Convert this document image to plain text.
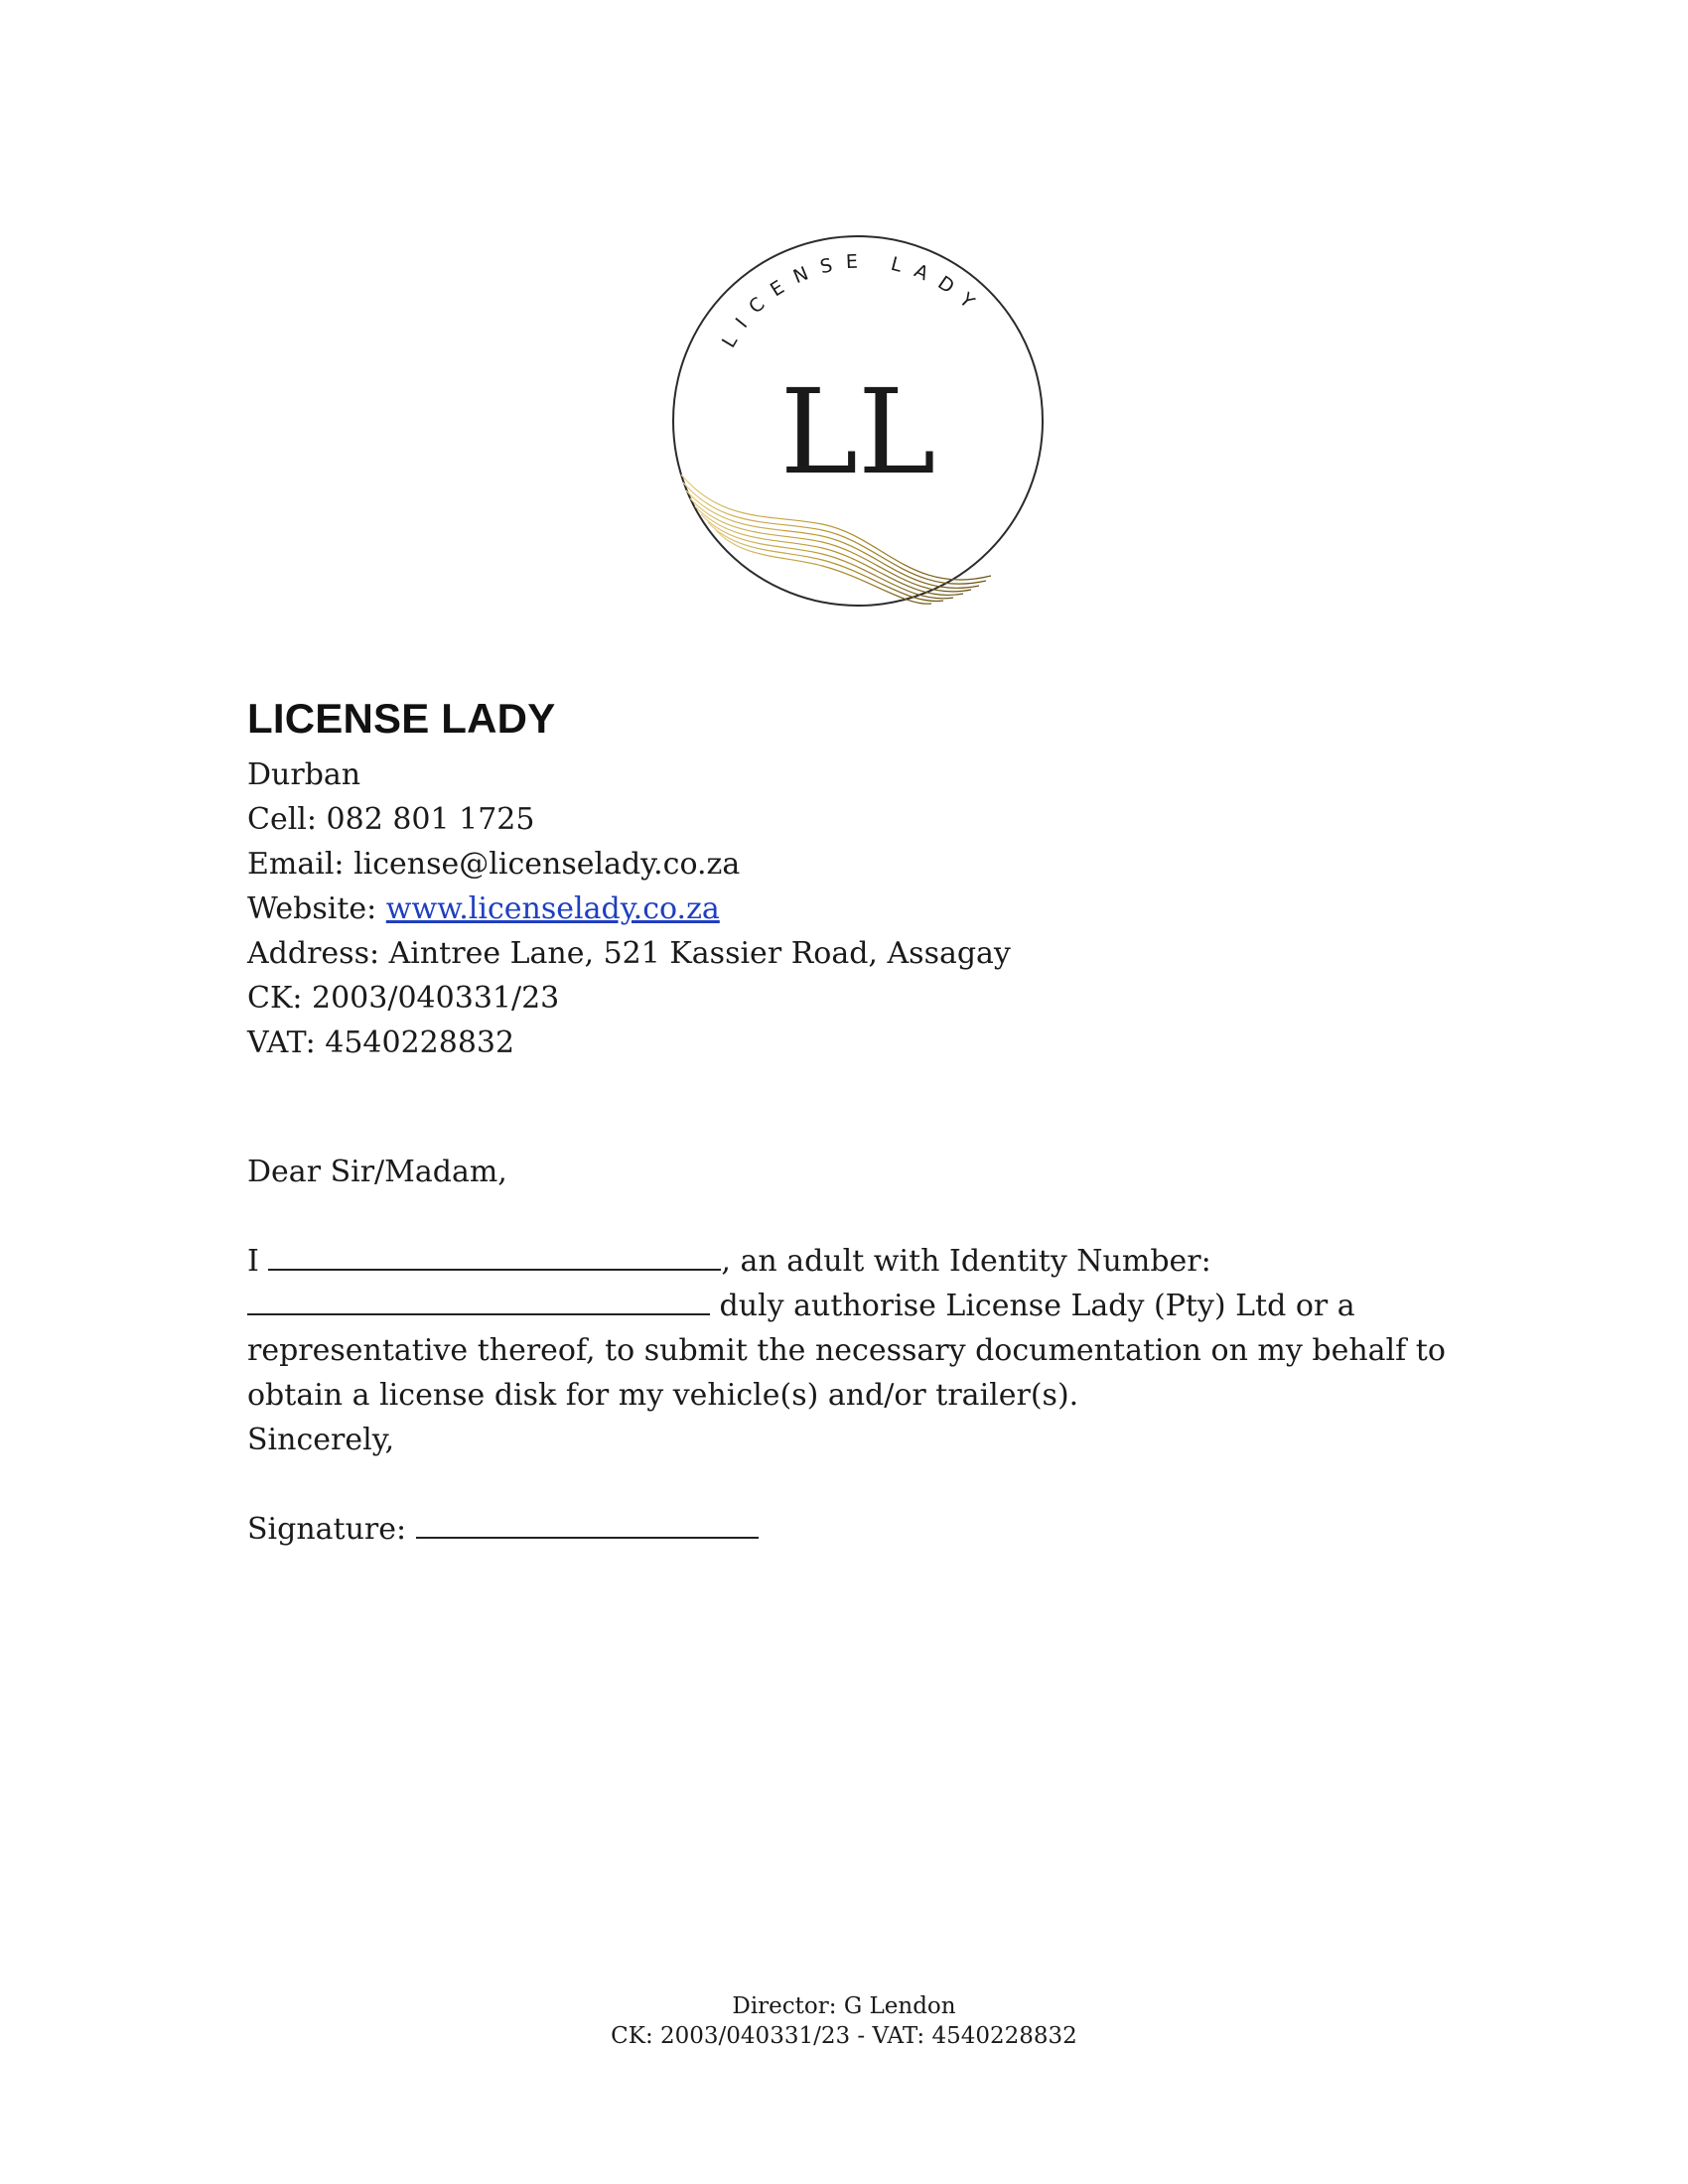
LICENSE LADY
LL
LICENSE LADY
Durban
Cell: 082 801 1725
Email: license@licenselady.co.za
Website: www.licenselady.co.za
Address: Aintree Lane, 521 Kassier Road, Assagay
CK: 2003/040331/23
VAT: 4540228832
Dear Sir/Madam,

I	, an adult with Identity Number:
duly authorise License Lady (Pty) Ltd or a
representative thereof, to submit the necessary documentation on my behalf to
obtain a license disk for my vehicle(s) and/or trailer(s).
Sincerely,

Signature:
Director: G Lendon
CK: 2003/040331/23 - VAT: 4540228832
